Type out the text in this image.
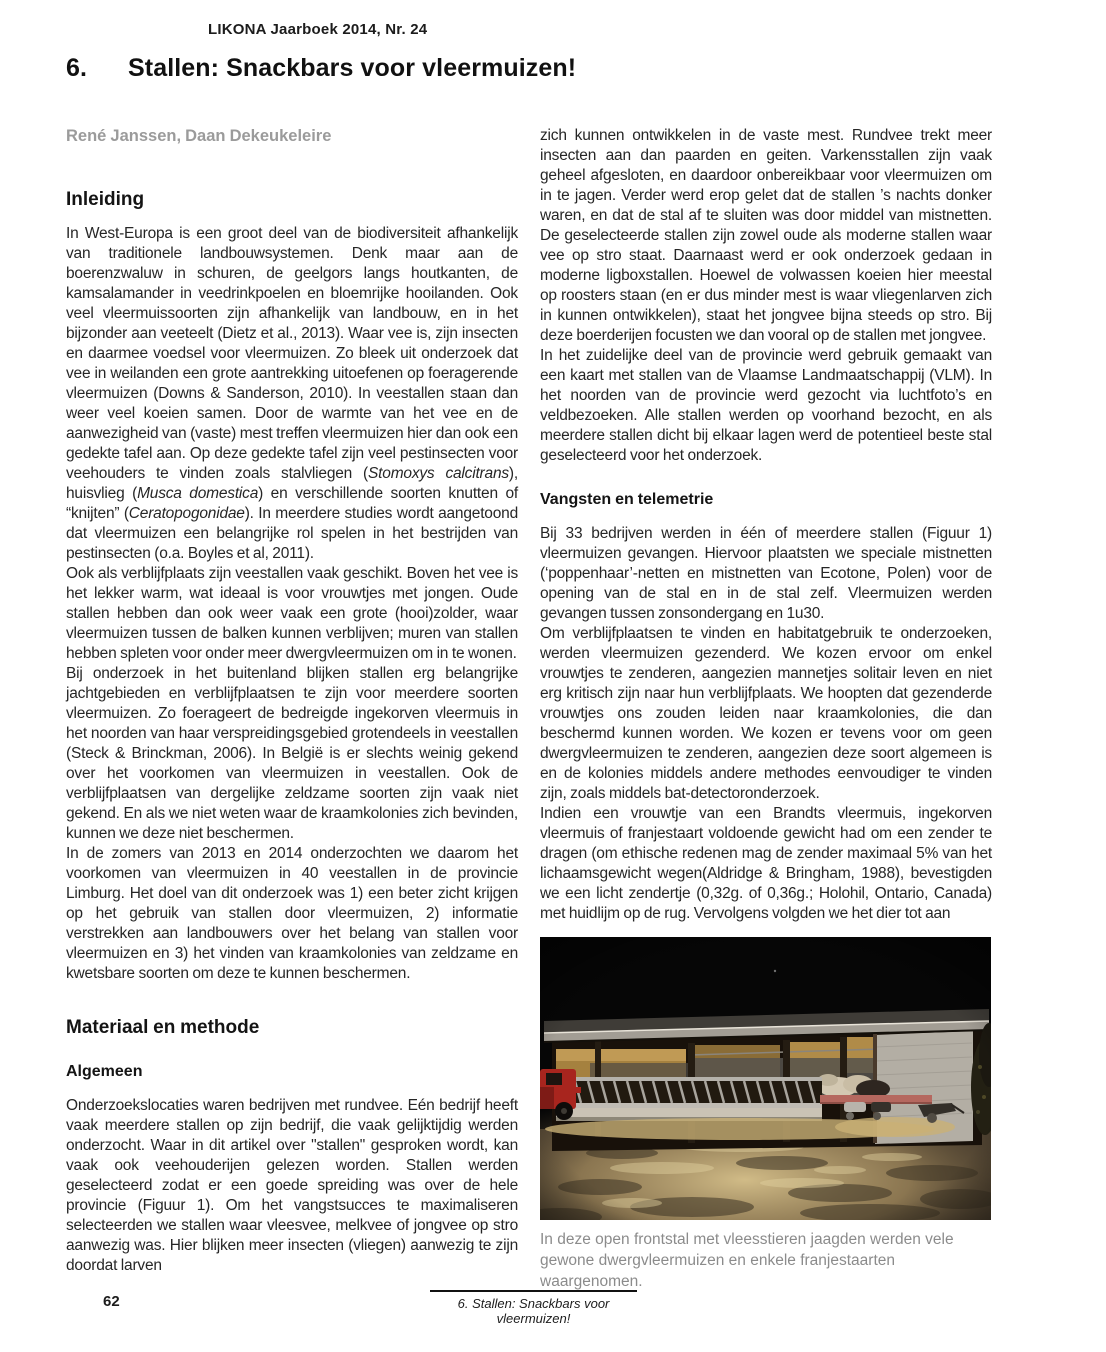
LIKONA Jaarboek 2014, Nr. 24
6.	Stallen: Snackbars voor vleermuizen!
René Janssen, Daan Dekeukeleire
Inleiding

In West-Europa is een groot deel van de biodiversiteit afhankelijk van traditionele landbouwsystemen. Denk maar aan de boerenzwaluw in schuren, de geelgors langs houtkanten, de kamsalamander in veedrinkpoelen en bloemrijke hooilanden. Ook veel vleermuissoorten zijn afhankelijk van landbouw, en in het bijzonder aan veeteelt (Dietz et al., 2013). Waar vee is, zijn insecten en daarmee voedsel voor vleermuizen. Zo bleek uit onderzoek dat vee in weilanden een grote aantrekking uitoefenen op foeragerende vleermuizen (Downs & Sanderson, 2010). In veestallen staan dan weer veel koeien samen. Door de warmte van het vee en de aanwezigheid van (vaste) mest treffen vleermuizen hier dan ook een gedekte tafel aan. Op deze gedekte tafel zijn veel pestinsecten voor veehouders te vinden zoals stalvliegen (Stomoxys calcitrans), huisvlieg (Musca domestica) en verschillende soorten knutten of “knijten” (Ceratopogonidae). In meerdere studies wordt aangetoond dat vleermuizen een belangrijke rol spelen in het bestrijden van pestinsecten (o.a. Boyles et al, 2011).

Ook als verblijfplaats zijn veestallen vaak geschikt. Boven het vee is het lekker warm, wat ideaal is voor vrouwtjes met jongen. Oude stallen hebben dan ook weer vaak een grote (hooi)zolder, waar vleermuizen tussen de balken kunnen verblijven; muren van stallen hebben spleten voor onder meer dwergvleermuizen om in te wonen.

Bij onderzoek in het buitenland blijken stallen erg belangrijke jachtgebieden en verblijfplaatsen te zijn voor meerdere soorten vleermuizen. Zo foerageert de bedreigde ingekorven vleermuis in het noorden van haar verspreidingsgebied grotendeels in veestallen (Steck & Brinckman, 2006). In België is er slechts weinig gekend over het voorkomen van vleermuizen in veestallen. Ook de verblijfplaatsen van dergelijke zeldzame soorten zijn vaak niet gekend. En als we niet weten waar de kraamkolonies zich bevinden, kunnen we deze niet beschermen.

In de zomers van 2013 en 2014 onderzochten we daarom het voorkomen van vleermuizen in 40 veestallen in de provincie Limburg. Het doel van dit onderzoek was 1) een beter zicht krijgen op het gebruik van stallen door vleermuizen, 2) informatie verstrekken aan landbouwers over het belang van stallen voor vleermuizen en 3) het vinden van kraamkolonies van zeldzame en kwetsbare soorten om deze te kunnen beschermen.

Materiaal en methode
Algemeen

Onderzoekslocaties waren bedrijven met rundvee. Eén bedrijf heeft vaak meerdere stallen op zijn bedrijf, die vaak gelijktijdig werden onderzocht. Waar in dit artikel over "stallen" gesproken wordt, kan vaak ook veehouderijen gelezen worden. Stallen werden geselecteerd zodat er een goede spreiding was over de hele provincie (Figuur 1). Om het vangstsucces te maximaliseren selecteerden we stallen waar vleesvee, melkvee of jongvee op stro aanwezig was. Hier blijken meer insecten (vliegen) aanwezig te zijn doordat larven

zich kunnen ontwikkelen in de vaste mest. Rundvee trekt meer insecten aan dan paarden en geiten. Varkensstallen zijn vaak geheel afgesloten, en daardoor onbereikbaar voor vleermuizen om in te jagen. Verder werd erop gelet dat de stallen ’s nachts donker waren, en dat de stal af te sluiten was door middel van mistnetten. De geselecteerde stallen zijn zowel oude als moderne stallen waar vee op stro staat. Daarnaast werd er ook onderzoek gedaan in moderne ligboxstallen. Hoewel de volwassen koeien hier meestal op roosters staan (en er dus minder mest is waar vliegenlarven zich in kunnen ontwikkelen), staat het jongvee bijna steeds op stro. Bij deze boerderijen focusten we dan vooral op de stallen met jongvee.

In het zuidelijke deel van de provincie werd gebruik gemaakt van een kaart met stallen van de Vlaamse Landmaatschappij (VLM). In het noorden van de provincie werd gezocht via luchtfoto’s en veldbezoeken. Alle stallen werden op voorhand bezocht, en als meerdere stallen dicht bij elkaar lagen werd de potentieel beste stal geselecteerd voor het onderzoek.

Vangsten en telemetrie

Bij 33 bedrijven werden in één of meerdere stallen (Figuur 1) vleermuizen gevangen. Hiervoor plaatsten we speciale mistnetten (‘poppenhaar’-netten en mistnetten van Ecotone, Polen) voor de opening van de stal en in de stal zelf. Vleermuizen werden gevangen tussen zonsondergang en 1u30.

Om verblijfplaatsen te vinden en habitatgebruik te onderzoeken, werden vleermuizen gezenderd. We kozen ervoor om enkel vrouwtjes te zenderen, aangezien mannetjes solitair leven en niet erg kritisch zijn naar hun verblijfplaats. We hoopten dat gezenderde vrouwtjes ons zouden leiden naar kraamkolonies, die dan beschermd kunnen worden. We kozen er tevens voor om geen dwergvleermuizen te zenderen, aangezien deze soort algemeen is en de kolonies middels andere methodes eenvoudiger te vinden zijn, zoals middels bat-detectoronderzoek.

Indien een vrouwtje van een Brandts vleermuis, ingekorven vleermuis of franjestaart voldoende gewicht had om een zender te dragen (om ethische redenen mag de zender maximaal 5% van het lichaamsgewicht wegen(Aldridge & Bringham, 1988), bevestigden we een licht zendertje (0,32g. of 0,36g.; Holohil, Ontario, Canada) met huidlijm op de rug. Vervolgens volgden we het dier tot aan

In deze open frontstal met vleesstieren jaagden werden vele gewone dwergvleermuizen en enkele franjestaarten waargenomen.
62	6. Stallen: Snackbars voor vleermuizen!
